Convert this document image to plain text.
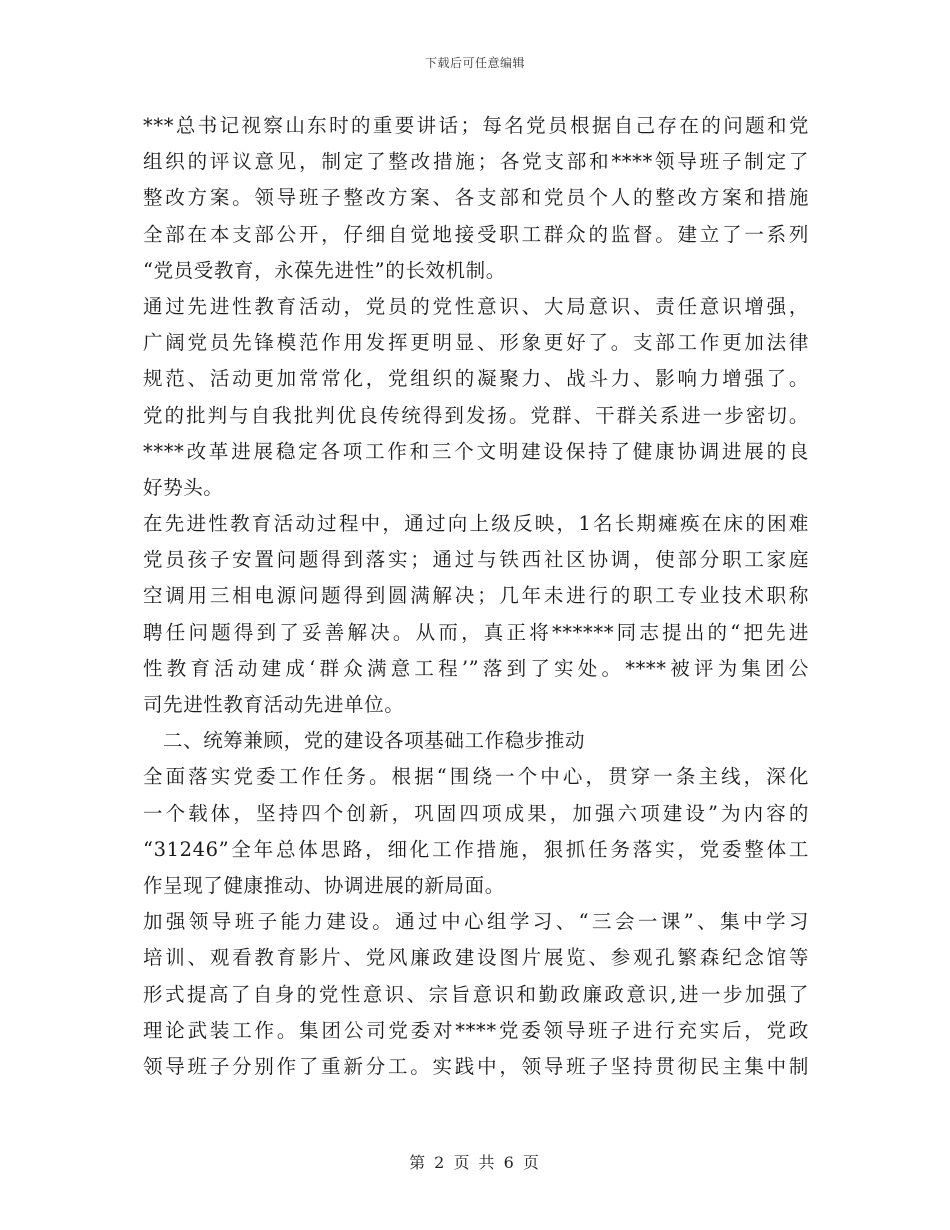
下载后可任意编辑
***总书记视察山东时的重要讲话；每名党员根据自己存在的问题和党
组织的评议意见，制定了整改措施；各党支部和****领导班子制定了
整改方案。领导班子整改方案、各支部和党员个人的整改方案和措施
全部在本支部公开，仔细自觉地接受职工群众的监督。建立了一系列
“党员受教育，永葆先进性”的长效机制。
通过先进性教育活动，党员的党性意识、大局意识、责任意识增强，
广阔党员先锋模范作用发挥更明显、形象更好了。支部工作更加法律
规范、活动更加常常化，党组织的凝聚力、战斗力、影响力增强了。
党的批判与自我批判优良传统得到发扬。党群、干群关系进一步密切。
****改革进展稳定各项工作和三个文明建设保持了健康协调进展的良
好势头。
在先进性教育活动过程中，通过向上级反映，1名长期瘫痪在床的困难
党员孩子安置问题得到落实；通过与铁西社区协调，使部分职工家庭
空调用三相电源问题得到圆满解决；几年未进行的职工专业技术职称
聘任问题得到了妥善解决。从而，真正将******同志提出的“把先进
性教育活动建成‘群众满意工程’”落到了实处。****被评为集团公
司先进性教育活动先进单位。
二、统筹兼顾，党的建设各项基础工作稳步推动
全面落实党委工作任务。根据“围绕一个中心，贯穿一条主线，深化
一个载体，坚持四个创新，巩固四项成果，加强六项建设”为内容的
“31246”全年总体思路，细化工作措施，狠抓任务落实，党委整体工
作呈现了健康推动、协调进展的新局面。
加强领导班子能力建设。通过中心组学习、“三会一课”、集中学习
培训、观看教育影片、党风廉政建设图片展览、参观孔繁森纪念馆等
形式提高了自身的党性意识、宗旨意识和勤政廉政意识,进一步加强了
理论武装工作。集团公司党委对****党委领导班子进行充实后，党政
领导班子分别作了重新分工。实践中，领导班子坚持贯彻民主集中制
第 2 页 共 6 页
